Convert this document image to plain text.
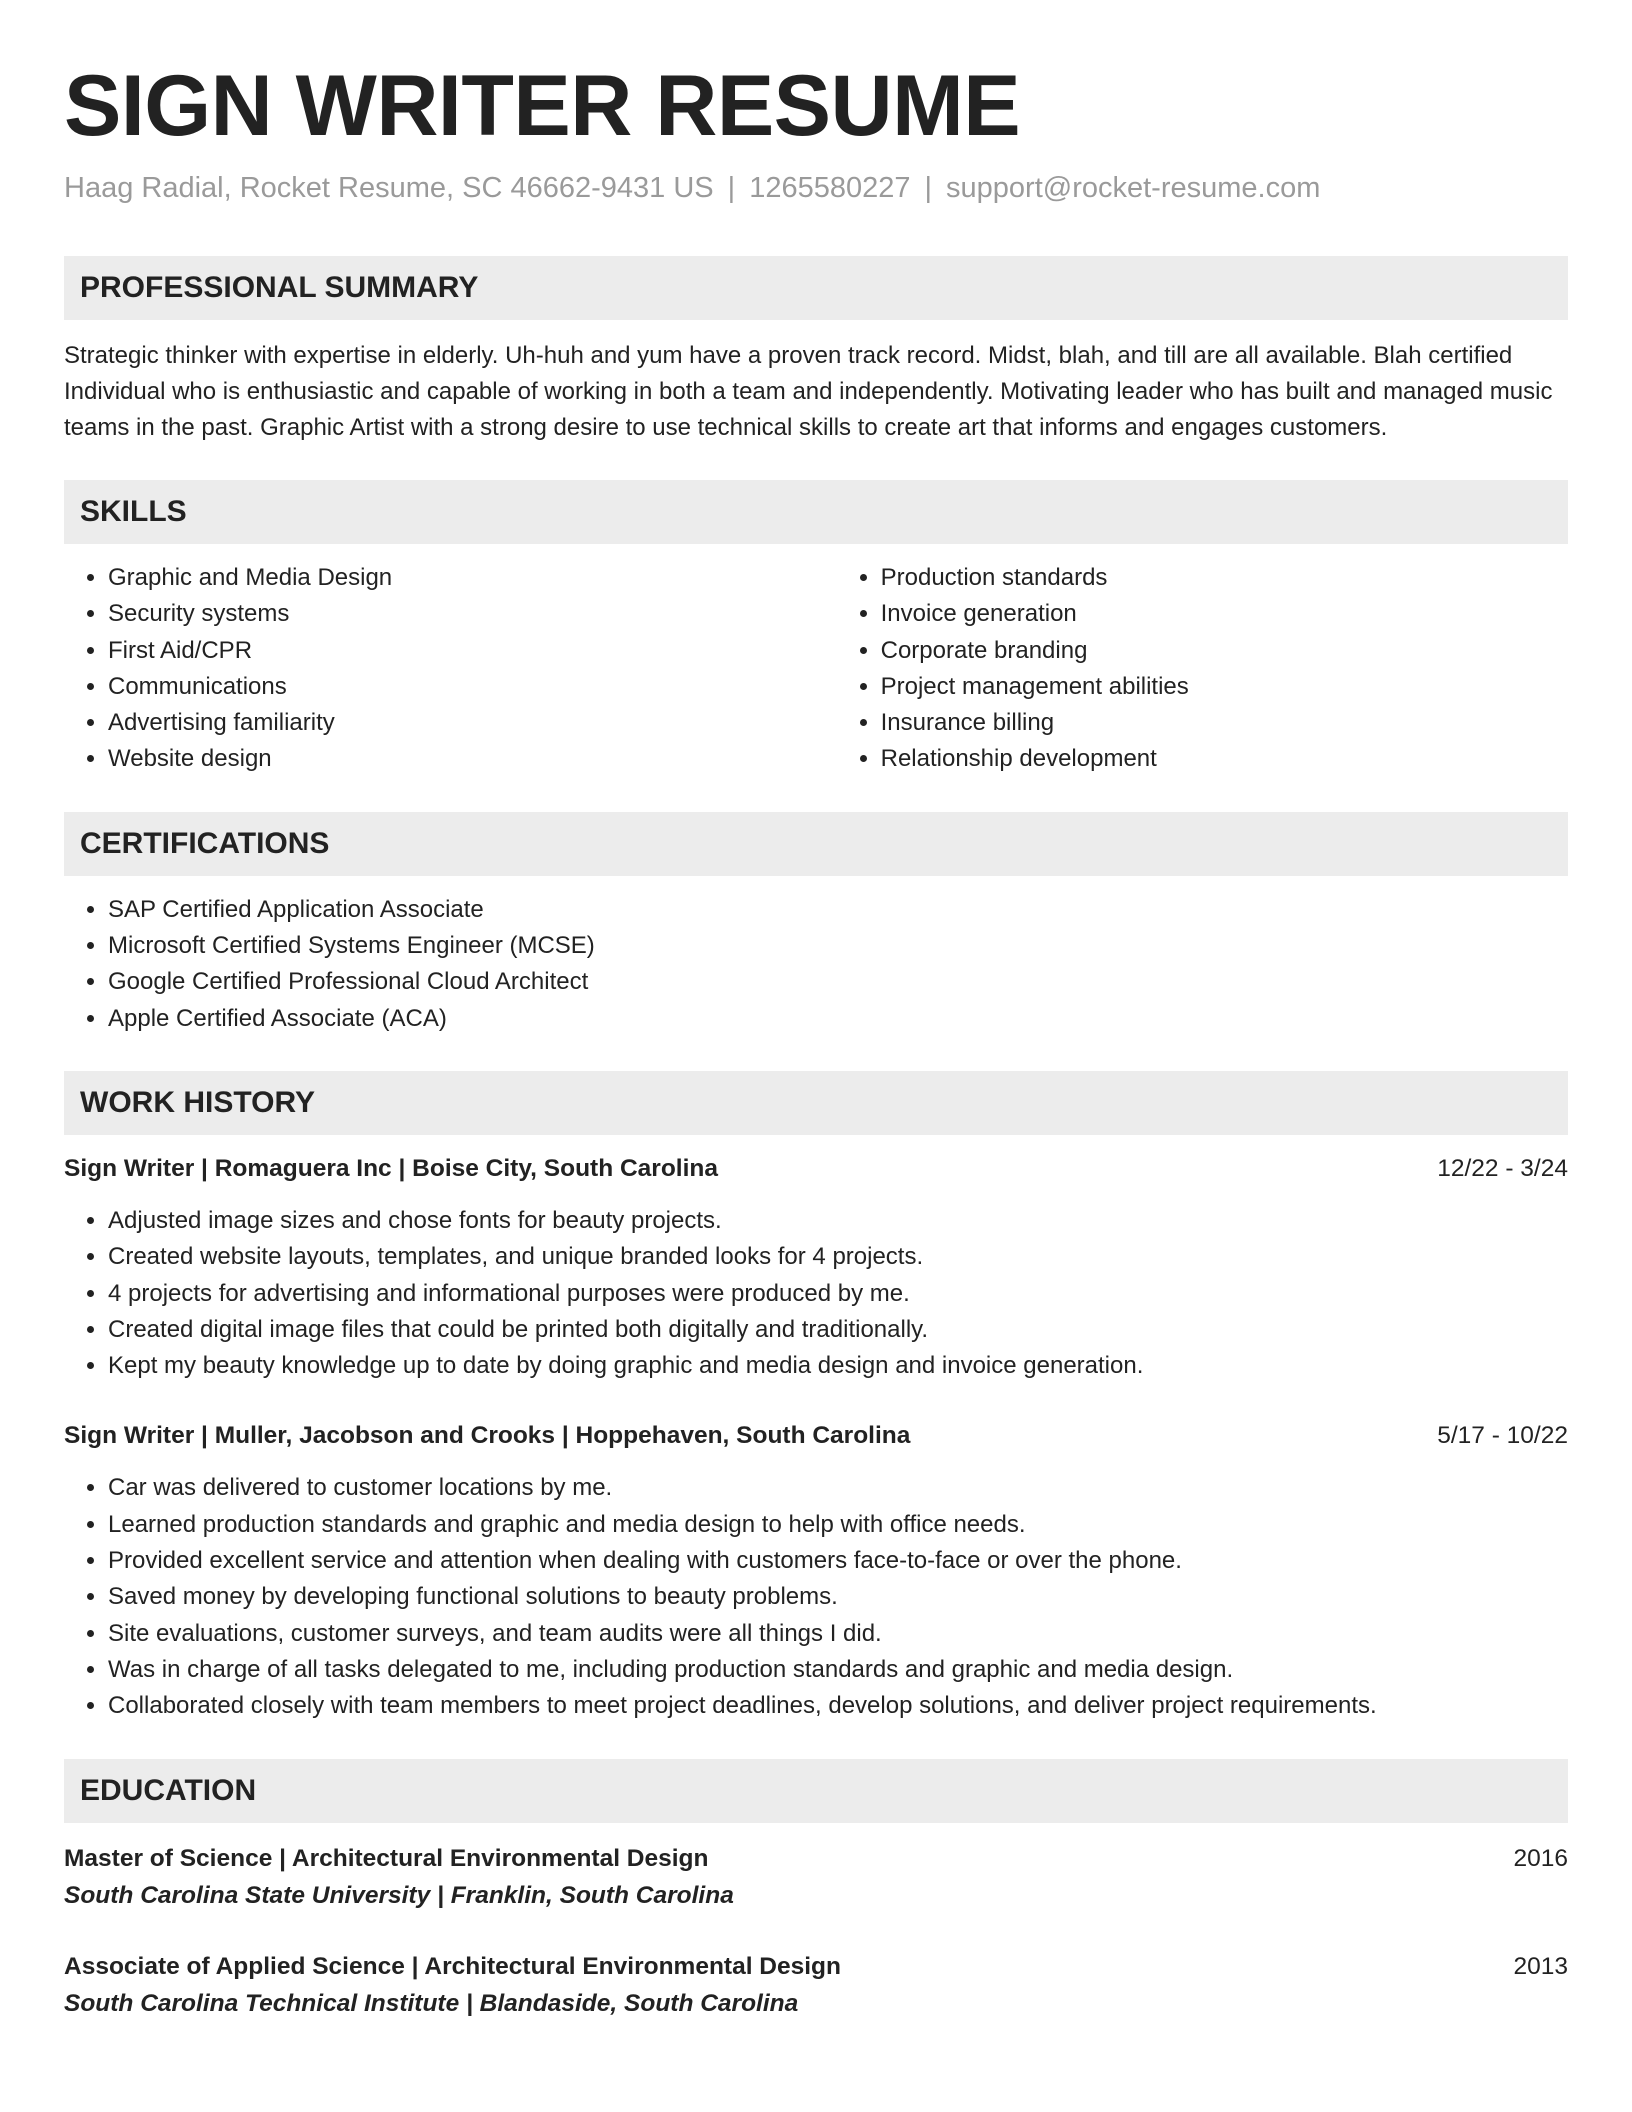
SIGN WRITER RESUME
Haag Radial, Rocket Resume, SC 46662-9431 US | 1265580227 | support@rocket-resume.com
PROFESSIONAL SUMMARY
Strategic thinker with expertise in elderly. Uh-huh and yum have a proven track record. Midst, blah, and till are all available. Blah certified Individual who is enthusiastic and capable of working in both a team and independently. Motivating leader who has built and managed music teams in the past. Graphic Artist with a strong desire to use technical skills to create art that informs and engages customers.
SKILLS
• Graphic and Media Design
• Security systems
• First Aid/CPR
• Communications
• Advertising familiarity
• Website design
• Production standards
• Invoice generation
• Corporate branding
• Project management abilities
• Insurance billing
• Relationship development
CERTIFICATIONS
• SAP Certified Application Associate
• Microsoft Certified Systems Engineer (MCSE)
• Google Certified Professional Cloud Architect
• Apple Certified Associate (ACA)
WORK HISTORY
Sign Writer | Romaguera Inc | Boise City, South Carolina	12/22 - 3/24
• Adjusted image sizes and chose fonts for beauty projects.
• Created website layouts, templates, and unique branded looks for 4 projects.
• 4 projects for advertising and informational purposes were produced by me.
• Created digital image files that could be printed both digitally and traditionally.
• Kept my beauty knowledge up to date by doing graphic and media design and invoice generation.
Sign Writer | Muller, Jacobson and Crooks | Hoppehaven, South Carolina	5/17 - 10/22
• Car was delivered to customer locations by me.
• Learned production standards and graphic and media design to help with office needs.
• Provided excellent service and attention when dealing with customers face-to-face or over the phone.
• Saved money by developing functional solutions to beauty problems.
• Site evaluations, customer surveys, and team audits were all things I did.
• Was in charge of all tasks delegated to me, including production standards and graphic and media design.
• Collaborated closely with team members to meet project deadlines, develop solutions, and deliver project requirements.
EDUCATION
Master of Science | Architectural Environmental Design	2016
South Carolina State University | Franklin, South Carolina
Associate of Applied Science | Architectural Environmental Design	2013
South Carolina Technical Institute | Blandaside, South Carolina
